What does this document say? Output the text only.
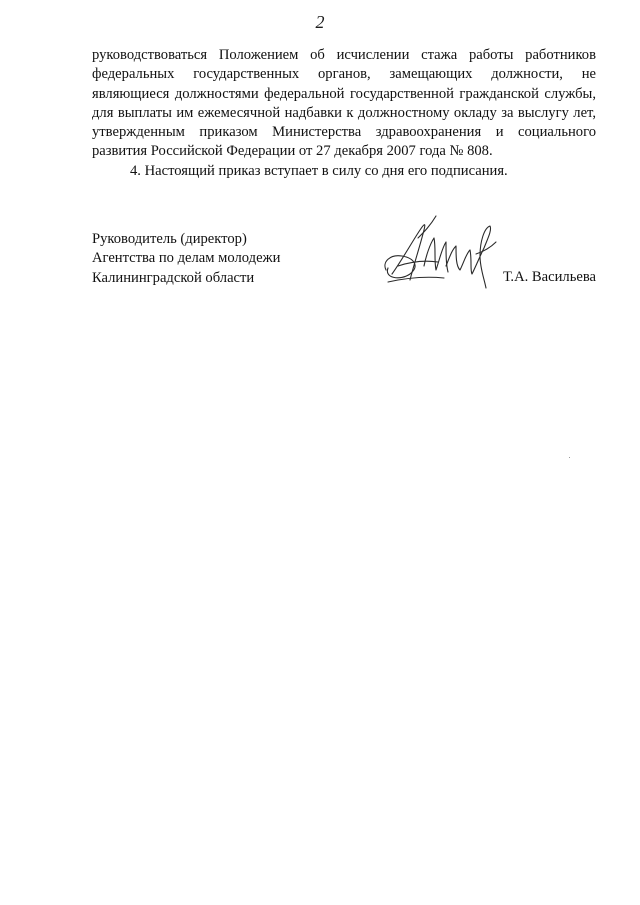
2

руководствоваться Положением об исчислении стажа работы работников федеральных государственных органов, замещающих должности, не являющиеся должностями федеральной государственной гражданской службы, для выплаты им ежемесячной надбавки к должностному окладу за выслугу лет, утвержденным приказом Министерства здравоохранения и социального развития Российской Федерации от 27 декабря 2007 года № 808.

4. Настоящий приказ вступает в силу со дня его подписания.

Руководитель (директор)
Агентства по делам молодежи
Калининградской области	Т.А. Васильева
